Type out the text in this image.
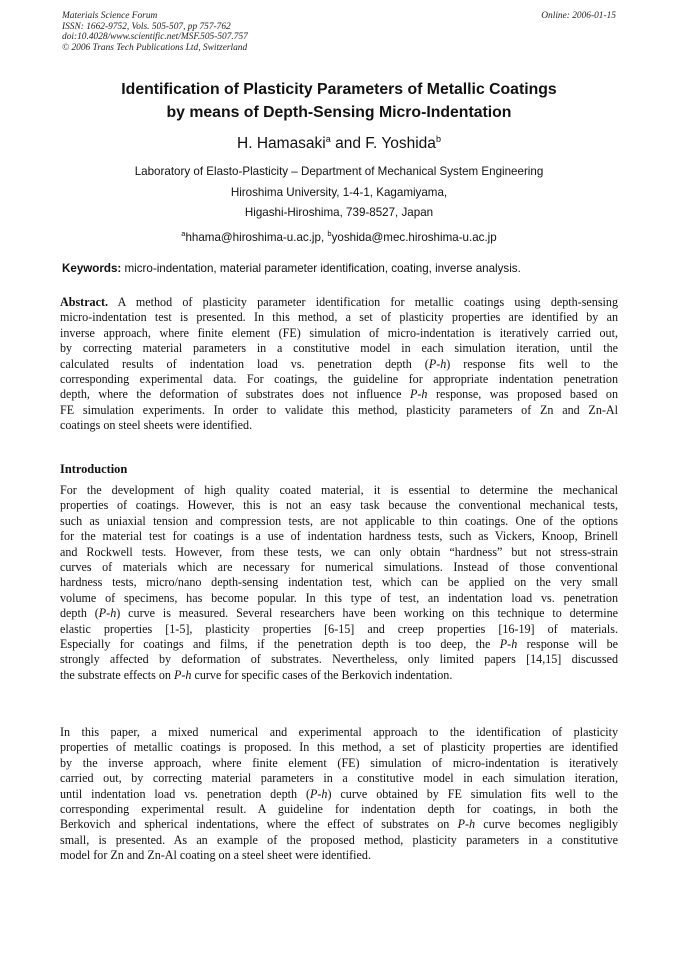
Materials Science Forum
ISSN: 1662-9752, Vols. 505-507, pp 757-762
doi:10.4028/www.scientific.net/MSF.505-507.757
© 2006 Trans Tech Publications Ltd, Switzerland
Online: 2006-01-15
Identification of Plasticity Parameters of Metallic Coatings
by means of Depth-Sensing Micro-Indentation
H. Hamasaki$^a$ and F. Yoshida$^b$
Laboratory of Elasto-Plasticity – Department of Mechanical System Engineering
Hiroshima University, 1-4-1, Kagamiyama,
Higashi-Hiroshima, 739-8527, Japan
$^a$hhama@hiroshima-u.ac.jp, $^b$yoshida@mec.hiroshima-u.ac.jp
Keywords: micro-indentation, material parameter identification, coating, inverse analysis.
Abstract. A method of plasticity parameter identification for metallic coatings using depth-sensing
micro-indentation test is presented. In this method, a set of plasticity properties are identified by an
inverse approach, where finite element (FE) simulation of micro-indentation is iteratively carried out,
by correcting material parameters in a constitutive model in each simulation iteration, until the
calculated results of indentation load vs. penetration depth (P-h) response fits well to the
corresponding experimental data. For coatings, the guideline for appropriate indentation penetration
depth, where the deformation of substrates does not influence P-h response, was proposed based on
FE simulation experiments. In order to validate this method, plasticity parameters of Zn and Zn-Al
coatings on steel sheets were identified.
Introduction
For the development of high quality coated material, it is essential to determine the mechanical
properties of coatings. However, this is not an easy task because the conventional mechanical tests,
such as uniaxial tension and compression tests, are not applicable to thin coatings. One of the options
for the material test for coatings is a use of indentation hardness tests, such as Vickers, Knoop, Brinell
and Rockwell tests. However, from these tests, we can only obtain “hardness” but not stress-strain
curves of materials which are necessary for numerical simulations. Instead of those conventional
hardness tests, micro/nano depth-sensing indentation test, which can be applied on the very small
volume of specimens, has become popular. In this type of test, an indentation load vs. penetration
depth (P-h) curve is measured. Several researchers have been working on this technique to determine
elastic properties [1-5], plasticity properties [6-15] and creep properties [16-19] of materials.
Especially for coatings and films, if the penetration depth is too deep, the P-h response will be
strongly affected by deformation of substrates. Nevertheless, only limited papers [14,15] discussed
the substrate effects on P-h curve for specific cases of the Berkovich indentation.
In this paper, a mixed numerical and experimental approach to the identification of plasticity
properties of metallic coatings is proposed. In this method, a set of plasticity properties are identified
by the inverse approach, where finite element (FE) simulation of micro-indentation is iteratively
carried out, by correcting material parameters in a constitutive model in each simulation iteration,
until indentation load vs. penetration depth (P-h) curve obtained by FE simulation fits well to the
corresponding experimental result. A guideline for indentation depth for coatings, in both the
Berkovich and spherical indentations, where the effect of substrates on P-h curve becomes negligibly
small, is presented. As an example of the proposed method, plasticity parameters in a constitutive
model for Zn and Zn-Al coating on a steel sheet were identified.
